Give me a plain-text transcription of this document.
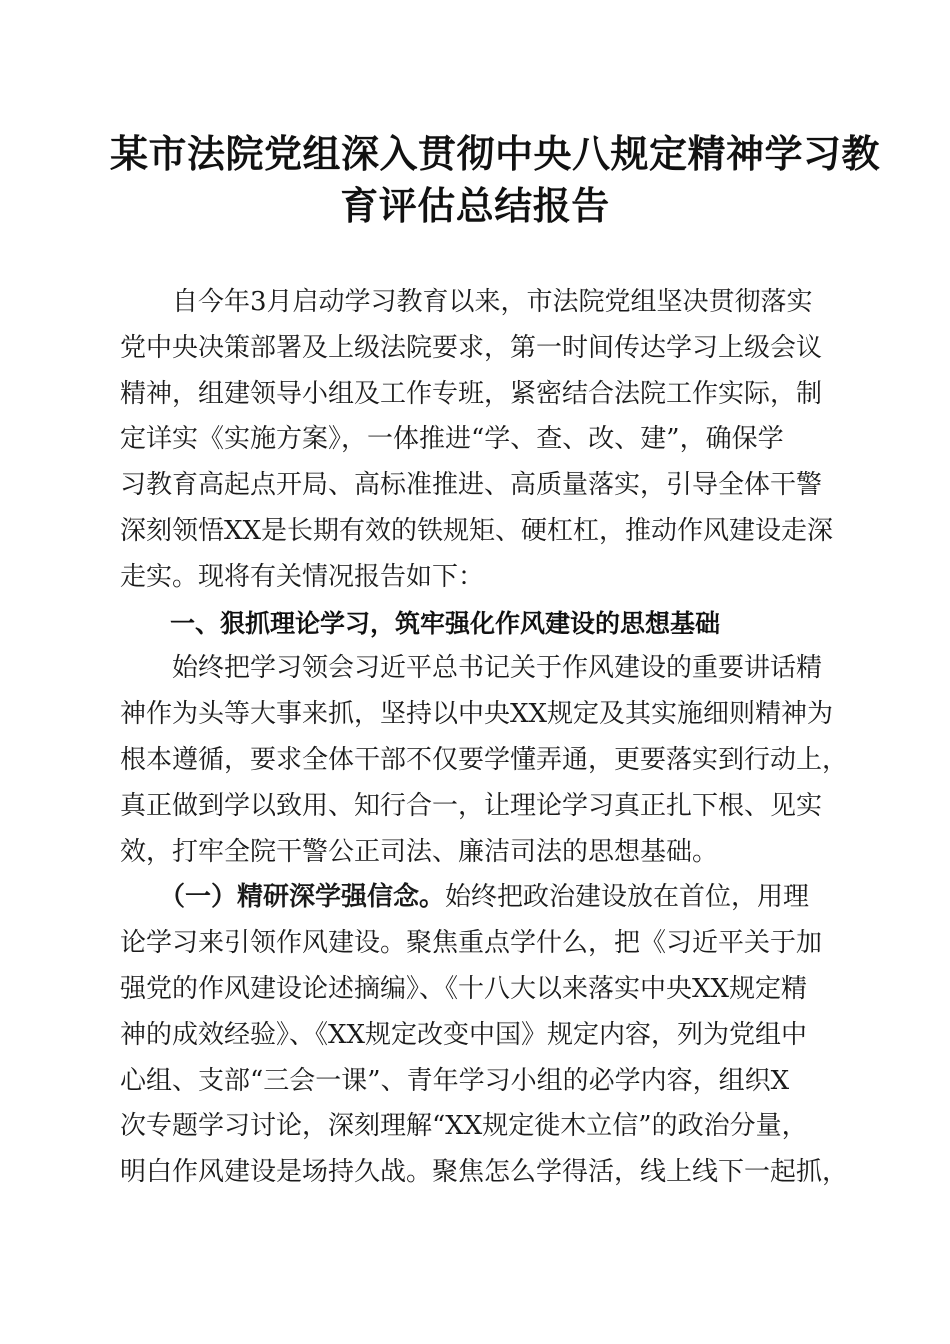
某市法院党组深入贯彻中央八规定精神学习教
育评估总结报告

　　自今年3月启动学习教育以来，市法院党组坚决贯彻落实
党中央决策部署及上级法院要求，第一时间传达学习上级会议
精神，组建领导小组及工作专班，紧密结合法院工作实际，制
定详实《实施方案》，一体推进“学、查、改、建”，确保学
习教育高起点开局、高标准推进、高质量落实，引导全体干警
深刻领悟XX是长期有效的铁规矩、硬杠杠，推动作风建设走深
走实。现将有关情况报告如下：

　　一、狠抓理论学习，筑牢强化作风建设的思想基础

　　始终把学习领会习近平总书记关于作风建设的重要讲话精
神作为头等大事来抓，坚持以中央XX规定及其实施细则精神为
根本遵循，要求全体干部不仅要学懂弄通，更要落实到行动上，
真正做到学以致用、知行合一，让理论学习真正扎下根、见实
效，打牢全院干警公正司法、廉洁司法的思想基础。

　　（一）精研深学强信念。始终把政治建设放在首位，用理
论学习来引领作风建设。聚焦重点学什么，把《习近平关于加
强党的作风建设论述摘编》、《十八大以来落实中央XX规定精
神的成效经验》、《XX规定改变中国》规定内容，列为党组中
心组、支部“三会一课”、青年学习小组的必学内容，组织X
次专题学习讨论，深刻理解“XX规定徙木立信”的政治分量，
明白作风建设是场持久战。聚焦怎么学得活，线上线下一起抓，
